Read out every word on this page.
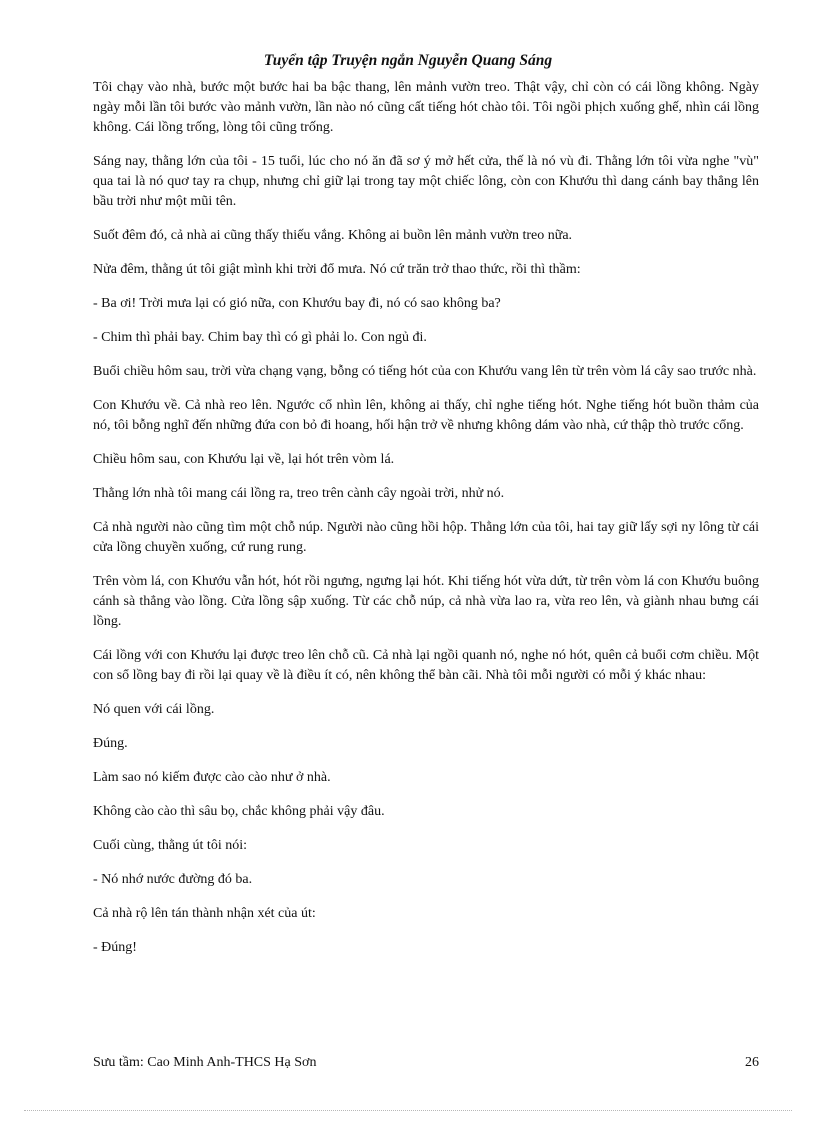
Tuyển tập Truyện ngắn Nguyễn Quang Sáng

Tôi chạy vào nhà, bước một bước hai ba bậc thang, lên mảnh vườn treo. Thật vậy, chỉ còn có cái lồng không. Ngày ngày mỗi lần tôi bước vào mảnh vườn, lần nào nó cũng cất tiếng hót chào tôi. Tôi ngồi phịch xuống ghế, nhìn cái lồng không. Cái lồng trống, lòng tôi cũng trống.

Sáng nay, thằng lớn của tôi - 15 tuổi, lúc cho nó ăn đã sơ ý mở hết cửa, thế là nó vù đi. Thằng lớn tôi vừa nghe "vù" qua tai là nó quơ tay ra chụp, nhưng chỉ giữ lại trong tay một chiếc lông, còn con Khướu thì dang cánh bay thẳng lên bầu trời như một mũi tên.

Suốt đêm đó, cả nhà ai cũng thấy thiếu vắng. Không ai buồn lên mảnh vườn treo nữa.

Nửa đêm, thằng út tôi giật mình khi trời đổ mưa. Nó cứ trăn trở thao thức, rồi thì thầm:

- Ba ơi! Trời mưa lại có gió nữa, con Khướu bay đi, nó có sao không ba?

- Chim thì phải bay. Chim bay thì có gì phải lo. Con ngủ đi.

Buổi chiều hôm sau, trời vừa chạng vạng, bỗng có tiếng hót của con Khướu vang lên từ trên vòm lá cây sao trước nhà.

Con Khướu về. Cả nhà reo lên. Ngước cổ nhìn lên, không ai thấy, chỉ nghe tiếng hót. Nghe tiếng hót buồn thảm của nó, tôi bỗng nghĩ đến những đứa con bỏ đi hoang, hối hận trở về nhưng không dám vào nhà, cứ thập thò trước cổng.

Chiều hôm sau, con Khướu lại về, lại hót trên vòm lá.

Thằng lớn nhà tôi mang cái lồng ra, treo trên cành cây ngoài trời, nhử nó.

Cả nhà người nào cũng tìm một chỗ núp. Người nào cũng hồi hộp. Thằng lớn của tôi, hai tay giữ lấy sợi ny lông từ cái cửa lồng chuyền xuống, cứ rung rung.

Trên vòm lá, con Khướu vẫn hót, hót rồi ngưng, ngưng lại hót. Khi tiếng hót vừa dứt, từ trên vòm lá con Khướu buông cánh sà thẳng vào lồng. Cửa lồng sập xuống. Từ các chỗ núp, cả nhà vừa lao ra, vừa reo lên, và giành nhau bưng cái lồng.

Cái lồng với con Khướu lại được treo lên chỗ cũ. Cả nhà lại ngồi quanh nó, nghe nó hót, quên cả buổi cơm chiều. Một con sổ lồng bay đi rồi lại quay về là điều ít có, nên không thể bàn cãi. Nhà tôi mỗi người có mỗi ý khác nhau:

Nó quen với cái lồng.

Đúng.

Làm sao nó kiếm được cào cào như ở nhà.

Không cào cào thì sâu bọ, chắc không phải vậy đâu.

Cuối cùng, thằng út tôi nói:

- Nó nhớ nước đường đó ba.

Cả nhà rộ lên tán thành nhận xét của út:

- Đúng!

Sưu tầm: Cao Minh Anh-THCS Hạ Sơn	26
